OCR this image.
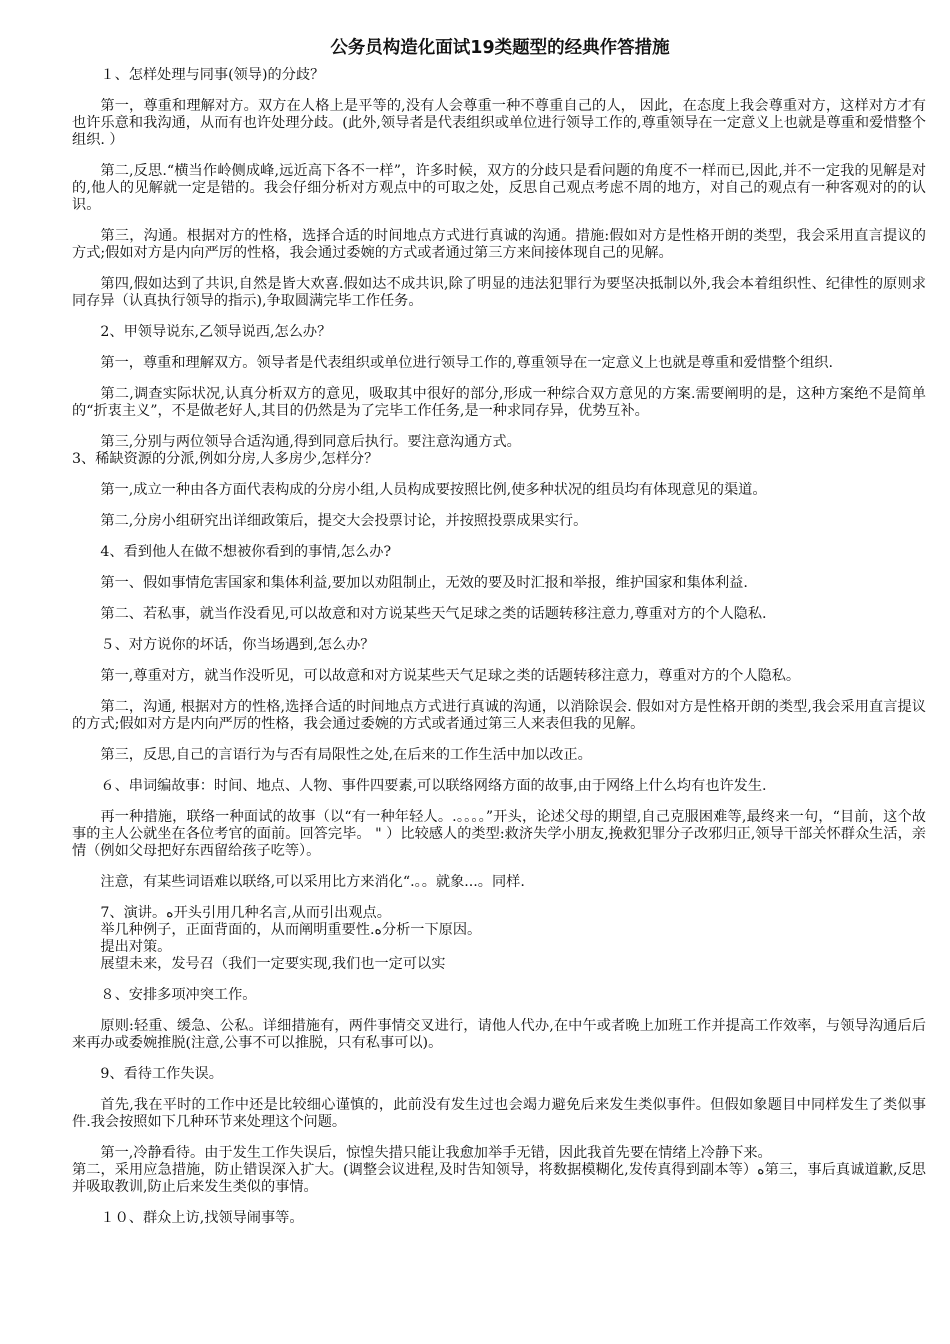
公务员构造化面试19类题型的经典作答措施
１、怎样处理与同事(领导)的分歧？
第一，尊重和理解对方。双方在人格上是平等的,没有人会尊重一种不尊重自己的人， 因此，在态度上我会尊重对方，这样对方才有也许乐意和我沟通，从而有也许处理分歧。(此外,领导者是代表组织或单位进行领导工作的,尊重领导在一定意义上也就是尊重和爱惜整个组织. ）
第二,反思.“横当作岭侧成峰,远近高下各不一样”，许多时候，双方的分歧只是看问题的角度不一样而已,因此,并不一定我的见解是对的,他人的见解就一定是错的。我会仔细分析对方观点中的可取之处，反思自己观点考虑不周的地方，对自己的观点有一种客观对的的认识。
第三，沟通。根据对方的性格，选择合适的时间地点方式进行真诚的沟通。措施:假如对方是性格开朗的类型，我会采用直言提议的方式;假如对方是内向严厉的性格，我会通过委婉的方式或者通过第三方来间接体现自己的见解。
第四,假如达到了共识,自然是皆大欢喜.假如达不成共识,除了明显的违法犯罪行为要坚决抵制以外,我会本着组织性、纪律性的原则求同存异（认真执行领导的指示),争取圆满完毕工作任务。
2、甲领导说东,乙领导说西,怎么办？
第一，尊重和理解双方。领导者是代表组织或单位进行领导工作的,尊重领导在一定意义上也就是尊重和爱惜整个组织.
第二,调查实际状况,认真分析双方的意见，吸取其中很好的部分,形成一种综合双方意见的方案.需要阐明的是，这种方案绝不是简单的“折衷主义”，不是做老好人,其目的仍然是为了完毕工作任务,是一种求同存异，优势互补。
第三,分别与两位领导合适沟通,得到同意后执行。要注意沟通方式。
3、稀缺资源的分派,例如分房,人多房少,怎样分？
第一,成立一种由各方面代表构成的分房小组,人员构成要按照比例,使多种状况的组员均有体现意见的渠道。
第二,分房小组研究出详细政策后，提交大会投票讨论，并按照投票成果实行。
4、看到他人在做不想被你看到的事情,怎么办?
第一、假如事情危害国家和集体利益,要加以劝阻制止，无效的要及时汇报和举报，维护国家和集体利益.
第二、若私事，就当作没看见,可以故意和对方说某些天气足球之类的话题转移注意力,尊重对方的个人隐私.
５、对方说你的坏话，你当场遇到,怎么办？
第一,尊重对方，就当作没听见，可以故意和对方说某些天气足球之类的话题转移注意力，尊重对方的个人隐私。
第二，沟通, 根据对方的性格,选择合适的时间地点方式进行真诚的沟通，以消除误会. 假如对方是性格开朗的类型,我会采用直言提议的方式;假如对方是内向严厉的性格，我会通过委婉的方式或者通过第三人来表但我的见解。
第三，反思,自己的言语行为与否有局限性之处,在后来的工作生活中加以改正。
６、串词编故事：时间、地点、人物、事件四要素,可以联络网络方面的故事,由于网络上什么均有也许发生.
再一种措施，联络一种面试的故事（以“有一种年轻人。.。。。。”开头，论述父母的期望,自己克服困难等,最终来一句，“目前，这个故事的主人公就坐在各位考官的面前。回答完毕。 " ）比较感人的类型:救济失学小朋友,挽救犯罪分子改邪归正,领导干部关怀群众生活，亲情（例如父母把好东西留给孩子吃等）。
注意，有某些词语难以联络,可以采用比方来消化“.。。就象...。同样.
7、演讲。ﻩ开头引用几种名言,从而引出观点。
举几种例子，正面背面的，从而阐明重要性.ﻩ分析一下原因。
提出对策。
展望未来，发号召（我们一定要实现,我们也一定可以实
８、安排多项冲突工作。
原则:轻重、缓急、公私。详细措施有，两件事情交叉进行，请他人代办,在中午或者晚上加班工作并提高工作效率，与领导沟通后后来再办或委婉推脱(注意,公事不可以推脱，只有私事可以)。
9、看待工作失误。
首先,我在平时的工作中还是比较细心谨慎的，此前没有发生过也会竭力避免后来发生类似事件。但假如象题目中同样发生了类似事件.我会按照如下几种环节来处理这个问题。
第一,冷静看待。由于发生工作失误后，惊惶失措只能让我愈加举手无错，因此我首先要在情绪上冷静下来。
第二，采用应急措施，防止错误深入扩大。(调整会议进程,及时告知领导，将数据模糊化,发传真得到副本等）ﻩ第三，事后真诚道歉,反思并吸取教训,防止后来发生类似的事情。
１０、群众上访,找领导闹事等。
